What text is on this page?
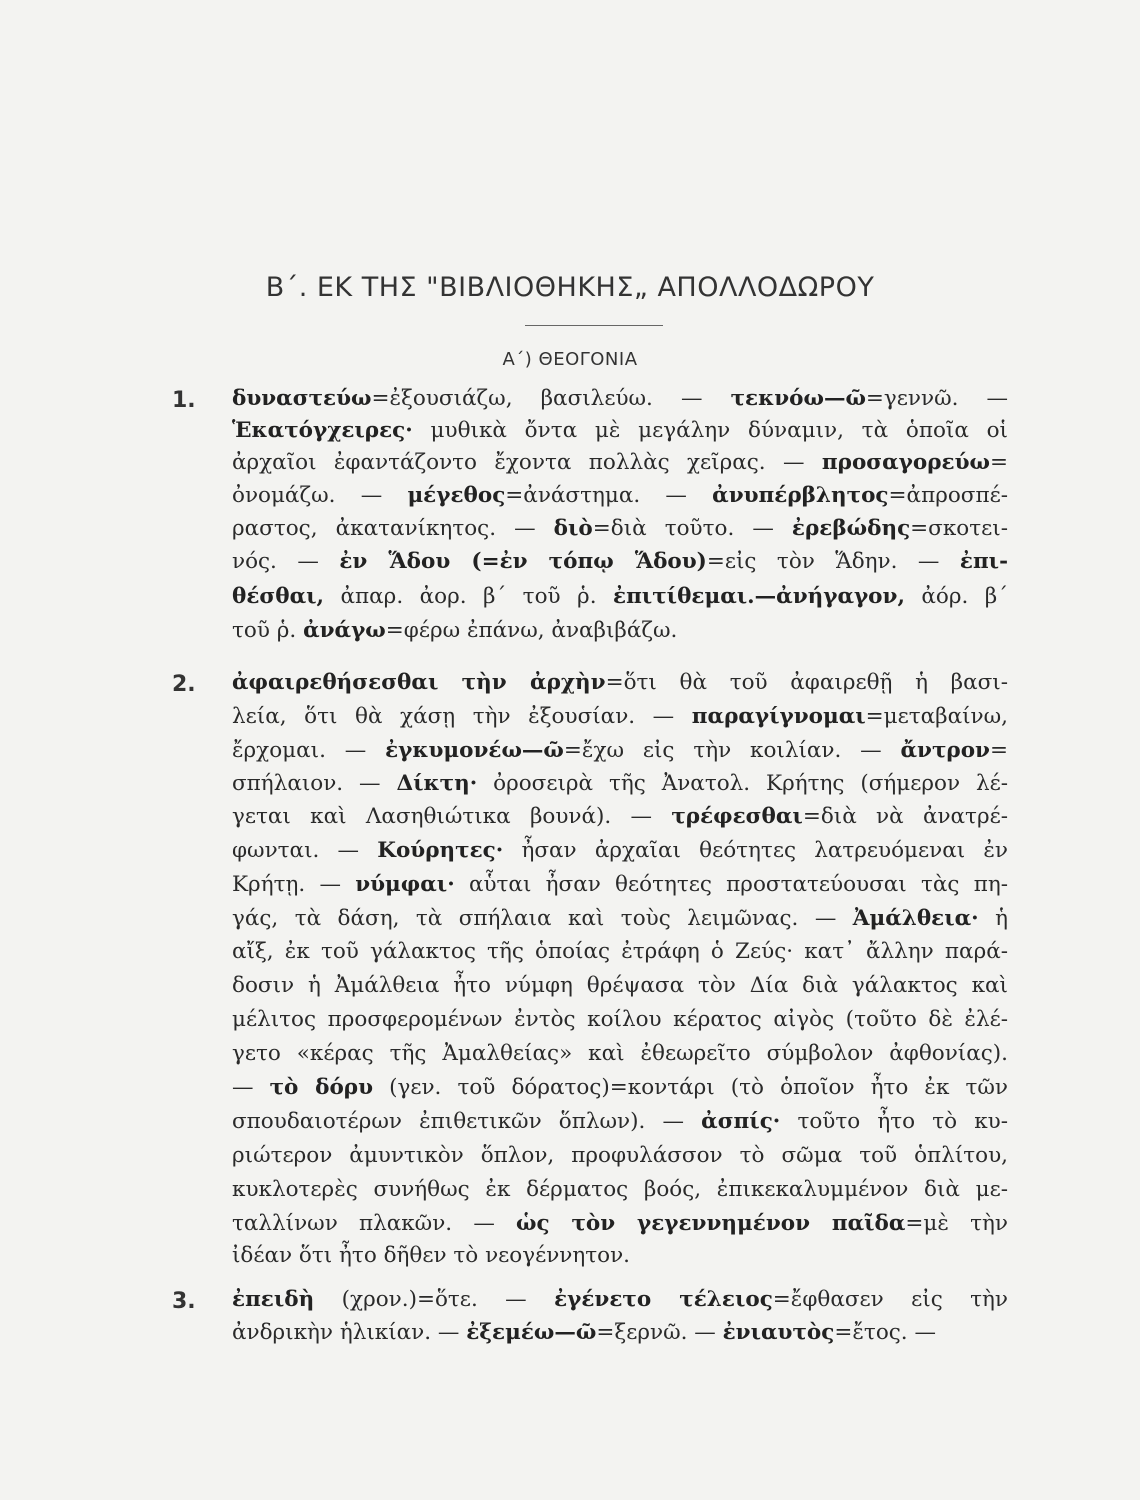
Β΄. ΕΚ ΤΗΣ "ΒΙΒΛΙΟΘΗΚΗΣ„ ΑΠΟΛΛΟΔΩΡΟΥ
Α΄) ΘΕΟΓΟΝΙΑ
1. δυναστεύω=ἐξουσιάζω, βασιλεύω. — τεκνόω—ῶ=γεννῶ. —
Ἑκατόγχειρες· μυθικὰ ὄντα μὲ μεγάλην δύναμιν, τὰ ὁποῖα οἱ
ἀρχαῖοι ἐφαντάζοντο ἔχοντα πολλὰς χεῖρας. — προσαγορεύω=
ὀνομάζω. — μέγεθος=ἀνάστημα. — ἀνυπέρβλητος=ἀπροσπέ-
ραστος, ἀκατανίκητος. — διὸ=διὰ τοῦτο. — ἐρεβώδης=σκοτει-
νός. — ἐν Ἅδου (=ἐν τόπῳ Ἅδου)=εἰς τὸν Ἅδην. — ἐπι-
θέσθαι, ἀπαρ. ἀορ. β΄ τοῦ ῥ. ἐπιτίθεμαι.—ἀνήγαγον, ἀόρ. β΄
τοῦ ῥ. ἀνάγω=φέρω ἐπάνω, ἀναβιβάζω.
2. ἀφαιρεθήσεσθαι τὴν ἀρχὴν=ὅτι θὰ τοῦ ἀφαιρεθῇ ἡ βασι-
λεία, ὅτι θὰ χάσῃ τὴν ἐξουσίαν. — παραγίγνομαι=μεταβαίνω,
ἔρχομαι. — ἐγκυμονέω—ῶ=ἔχω εἰς τὴν κοιλίαν. — ἄντρον=
σπήλαιον. — Δίκτη· ὀροσειρὰ τῆς Ἀνατολ. Κρήτης (σήμερον λέ-
γεται καὶ Λασηθιώτικα βουνά). — τρέφεσθαι=διὰ νὰ ἀνατρέ-
φωνται. — Κούρητες· ἦσαν ἀρχαῖαι θεότητες λατρευόμεναι ἐν
Κρήτῃ. — νύμφαι· αὗται ἦσαν θεότητες προστατεύουσαι τὰς πη-
γάς, τὰ δάση, τὰ σπήλαια καὶ τοὺς λειμῶνας. — Ἀμάλθεια· ἡ
αἴξ, ἐκ τοῦ γάλακτος τῆς ὁποίας ἐτράφη ὁ Ζεύς· κατ᾽ ἄλλην παρά-
δοσιν ἡ Ἀμάλθεια ἦτο νύμφη θρέψασα τὸν Δία διὰ γάλακτος καὶ
μέλιτος προσφερομένων ἐντὸς κοίλου κέρατος αἰγὸς (τοῦτο δὲ ἐλέ-
γετο «κέρας τῆς Ἀμαλθείας» καὶ ἐθεωρεῖτο σύμβολον ἀφθονίας).
— τὸ δόρυ (γεν. τοῦ δόρατος)=κοντάρι (τὸ ὁποῖον ἦτο ἐκ τῶν
σπουδαιοτέρων ἐπιθετικῶν ὅπλων). — ἀσπίς· τοῦτο ἦτο τὸ κυ-
ριώτερον ἀμυντικὸν ὅπλον, προφυλάσσον τὸ σῶμα τοῦ ὁπλίτου,
κυκλοτερὲς συνήθως ἐκ δέρματος βοός, ἐπικεκαλυμμένον διὰ με-
ταλλίνων πλακῶν. — ὡς τὸν γεγεννημένον παῖδα=μὲ τὴν
ἰδέαν ὅτι ἦτο δῆθεν τὸ νεογέννητον.
3. ἐπειδὴ (χρον.)=ὅτε. — ἐγένετο τέλειος=ἔφθασεν εἰς τὴν
ἀνδρικὴν ἡλικίαν. — ἐξεμέω—ῶ=ξερνῶ. — ἐνιαυτὸς=ἔτος. —
